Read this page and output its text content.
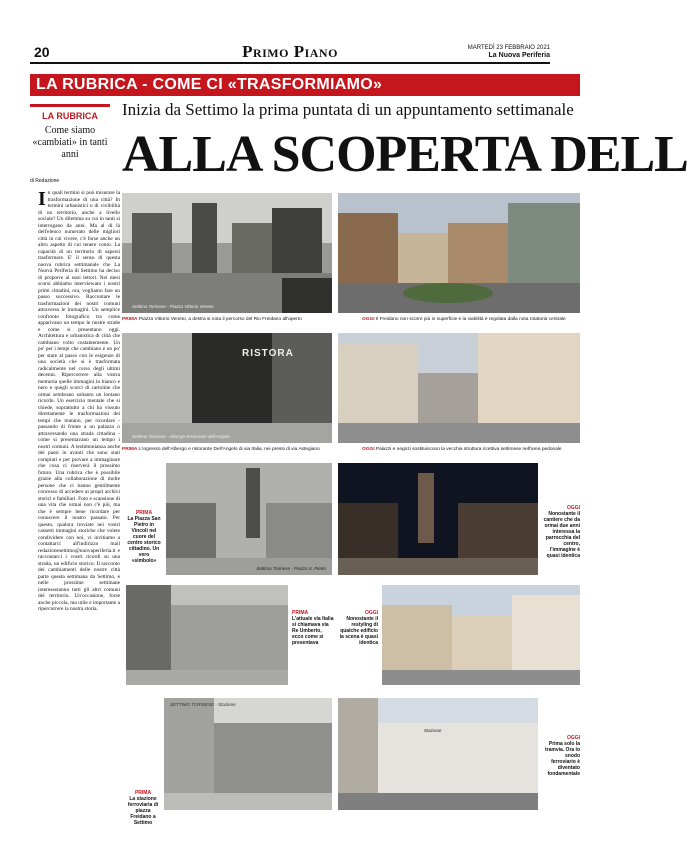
20	Primo Piano	MARTEDÌ 23 FEBBRAIO 2021
La Nuova Periferia
LA RUBRICA - COME CI «TRASFORMIAMO»
LA RUBRICA
Come siamo «cambiati» in tanti anni
di Redazione
Inizia da Settimo la prima puntata di un appuntamento settimanale
ALLA SCOPERTA DELL
In quali termini si può misurare la trasformazione di una città? In termini urbanistici o di vivibilità di un territorio, anche a livello sociale? Un dilemma su cui in tanti si interrogano da anni. Ma al di là dell'elenco numerato delle migliori città in cui vivere, c'è forse anche un altro aspetto di cui tenere conto. La capacità di un territorio di sapersi trasformare. E' il senso di questa nuova rubrica settimanale che La Nuova Periferia di Settimo ha deciso di proporre ai suoi lettori. Nei mesi scorsi abbiamo interviewato i nostri primi cittadini, ora, vogliamo fare un passo successivo. Raccontare le trasformazioni dei nostri comuni attraverso le immagini. Un semplice confronto fotografico tra come apparivano un tempo le nostre strade e come si presentano oggi. Architettura e urbanistica di città che cambiano volto costantemente. Un po' per i tempi che cambiano e un po' per stare al passo con le esigenze di una società che si è trasformata radicalmente nel corso degli ultimi decenni. Ripercorrere alla vostra memoria quelle immagini in bianco e nero e quegli scorci di cartoline che ormai sembrano soltanto un lontano ricordo. Un esercizio mentale che si chiede, soprattutto a chi ha vissuto direttamente le trasformazioni dei tempi che mutano, per ricordare - passando di fronte a un palazzo o attraversando una strada cittadina - come si presentavano un tempo i nostri comuni. A testimonianza anche dei passi in avanti che sono stati compiuti e per provare a immaginare che cosa ci riserverà il prossimo futuro. Una rubrica che è possibile grazie alla collaborazione di molte persone che ci hanno gentilmente concesso di accedere ai propri archivi storici e familiari. Foto e scansione di una vita che ormai non c'è più, ma che è sempre bene ricordare per conoscere il nostro passato. Per questo, qualora troviate nei vostri cassetti immagini storiche che volete condividere con noi, vi invitiamo a contattarci all'indirizzo mail redazionesettimo@nuovaperiferia.it e raccontarci i vostri ricordi su una strada, un edificio storico. Il racconto dei cambiamenti delle nostre città parte questa settimana da Settimo, e nelle prossime settimane interesseranno tutti gli altri comuni del territorio. Un'occasione, forse anche piccola, ma utile e importante a ripercorrere la nostra storia.
Settimo Torinese - Piazza Vittorio Veneto
PRIMA Piazza Vittorio Veneto, a destra si nota il percorso del Rio Freidano all'aperto	OGGI Il Freidano non scorre più in superficie e la viabilità è regolata dalla nota rotatoria centrale
RISTORA
Settimo Torinese - Albergo Ristorante dell'Angelo
PRIMA L'ingresso dell'Albergo e ristorante Dell'Angelo di via Italia, nei pressi di via Astegiano	OGGI Palazzi e negozi sostituiscono la vecchia struttura ricettiva settimese nell'area pedonale
PRIMA
La Piazza San Pietro in Vincoli nel cuore del centro storico cittadino. Un vero «simbolo»
Settimo Torinese - Piazza S. Pietro
OGGI
Nonostante il cantiere che da ormai due anni interessa la parrocchia del centro, l'immagine è quasi identica
PRIMA
L'attuale via Italia si chiamava via Re Umberto, ecco come si presentava
OGGI
Nonostante il restyling di qualche edificio la scena è quasi identica
PRIMA
La stazione ferroviaria di piazza Freidano a Settimo
SETTIMO TORINESE - Stazione
Stazione
OGGI
Prima solo la tramvia. Ora lo snodo ferroviario è diventato fondamentale
